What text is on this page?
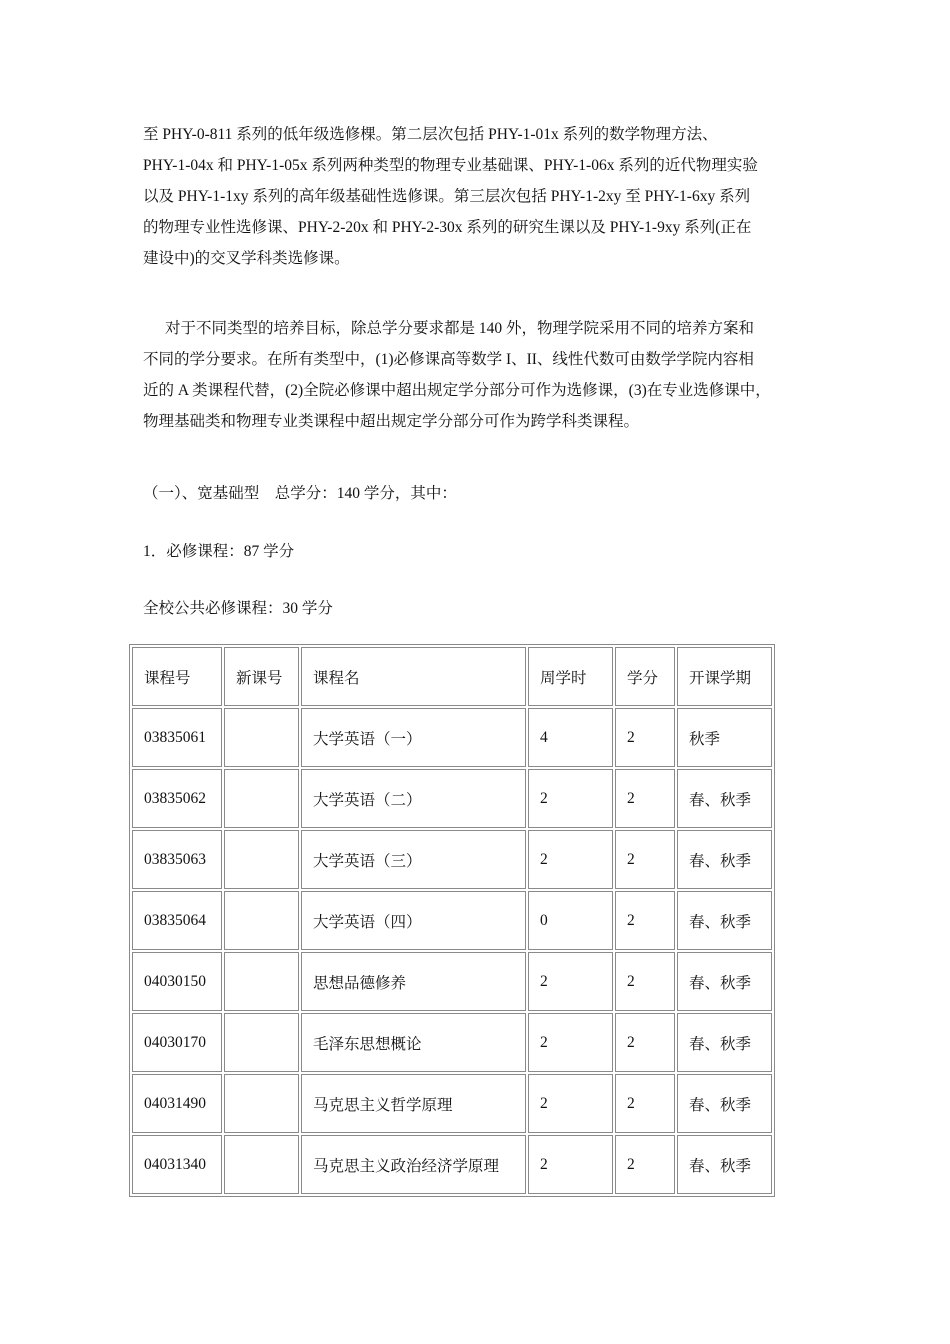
至 PHY-0-811 系列的低年级选修棵。第二层次包括 PHY-1-01x 系列的数学物理方法、
PHY-1-04x 和 PHY-1-05x 系列两种类型的物理专业基础课、PHY-1-06x 系列的近代物理实验
以及 PHY-1-1xy 系列的高年级基础性选修课。第三层次包括 PHY-1-2xy 至 PHY-1-6xy 系列
的物理专业性选修课、PHY-2-20x 和 PHY-2-30x 系列的研究生课以及 PHY-1-9xy 系列(正在
建设中)的交叉学科类选修课。

对于不同类型的培养目标，除总学分要求都是 140 外，物理学院采用不同的培养方案和
不同的学分要求。在所有类型中，(1)必修课高等数学 I、II、线性代数可由数学学院内容相
近的 A 类课程代替，(2)全院必修课中超出规定学分部分可作为选修课，(3)在专业选修课中，
物理基础类和物理专业类课程中超出规定学分部分可作为跨学科类课程。

（一）、宽基础型　总学分：140 学分，其中：

1．必修课程：87 学分

全校公共必修课程：30 学分

课程号	新课号	课程名	周学时	学分	开课学期
03835061		大学英语（一）	4	2	秋季
03835062		大学英语（二）	2	2	春、秋季
03835063		大学英语（三）	2	2	春、秋季
03835064		大学英语（四）	0	2	春、秋季
04030150		思想品德修养	2	2	春、秋季
04030170		毛泽东思想概论	2	2	春、秋季
04031490		马克思主义哲学原理	2	2	春、秋季
04031340		马克思主义政治经济学原理	2	2	春、秋季
